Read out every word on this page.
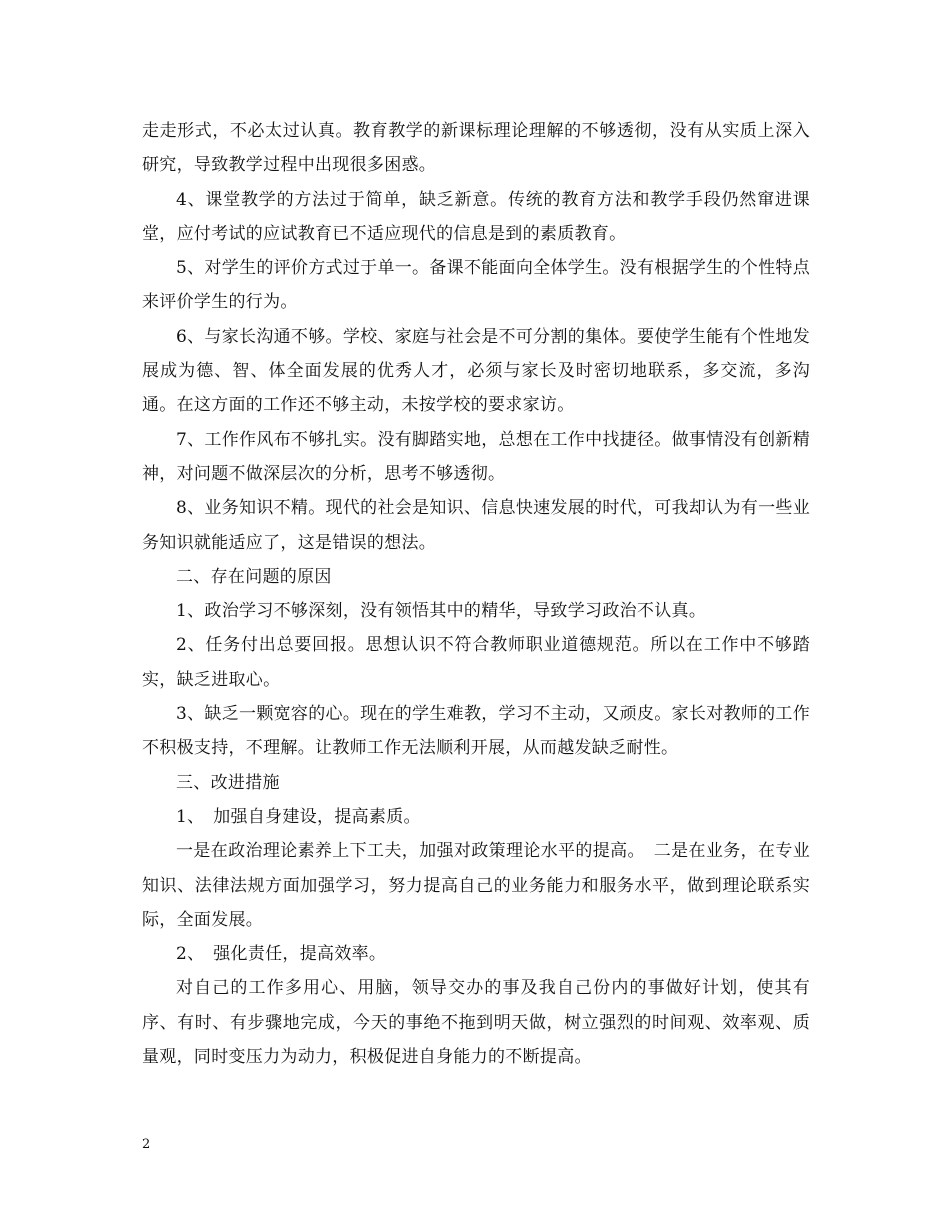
走走形式，不必太过认真。教育教学的新课标理论理解的不够透彻，没有从实质上深入研究，导致教学过程中出现很多困惑。

4、课堂教学的方法过于简单，缺乏新意。传统的教育方法和教学手段仍然窜进课堂，应付考试的应试教育已不适应现代的信息是到的素质教育。

5、对学生的评价方式过于单一。备课不能面向全体学生。没有根据学生的个性特点来评价学生的行为。

6、与家长沟通不够。学校、家庭与社会是不可分割的集体。要使学生能有个性地发展成为德、智、体全面发展的优秀人才，必须与家长及时密切地联系，多交流，多沟通。在这方面的工作还不够主动，未按学校的要求家访。

7、工作作风布不够扎实。没有脚踏实地，总想在工作中找捷径。做事情没有创新精神，对问题不做深层次的分析，思考不够透彻。

8、业务知识不精。现代的社会是知识、信息快速发展的时代，可我却认为有一些业务知识就能适应了，这是错误的想法。

二、存在问题的原因

1、政治学习不够深刻，没有领悟其中的精华，导致学习政治不认真。

2、任务付出总要回报。思想认识不符合教师职业道德规范。所以在工作中不够踏实，缺乏进取心。

3、缺乏一颗宽容的心。现在的学生难教，学习不主动，又顽皮。家长对教师的工作不积极支持，不理解。让教师工作无法顺利开展，从而越发缺乏耐性。

三、改进措施

1、　加强自身建设，提高素质。

一是在政治理论素养上下工夫，加强对政策理论水平的提高。　二是在业务，在专业知识、法律法规方面加强学习，努力提高自己的业务能力和服务水平，做到理论联系实际，全面发展。

2、　强化责任，提高效率。

对自己的工作多用心、用脑，领导交办的事及我自己份内的事做好计划，使其有序、有时、有步骤地完成，今天的事绝不拖到明天做，树立强烈的时间观、效率观、质量观，同时变压力为动力，积极促进自身能力的不断提高。

2
